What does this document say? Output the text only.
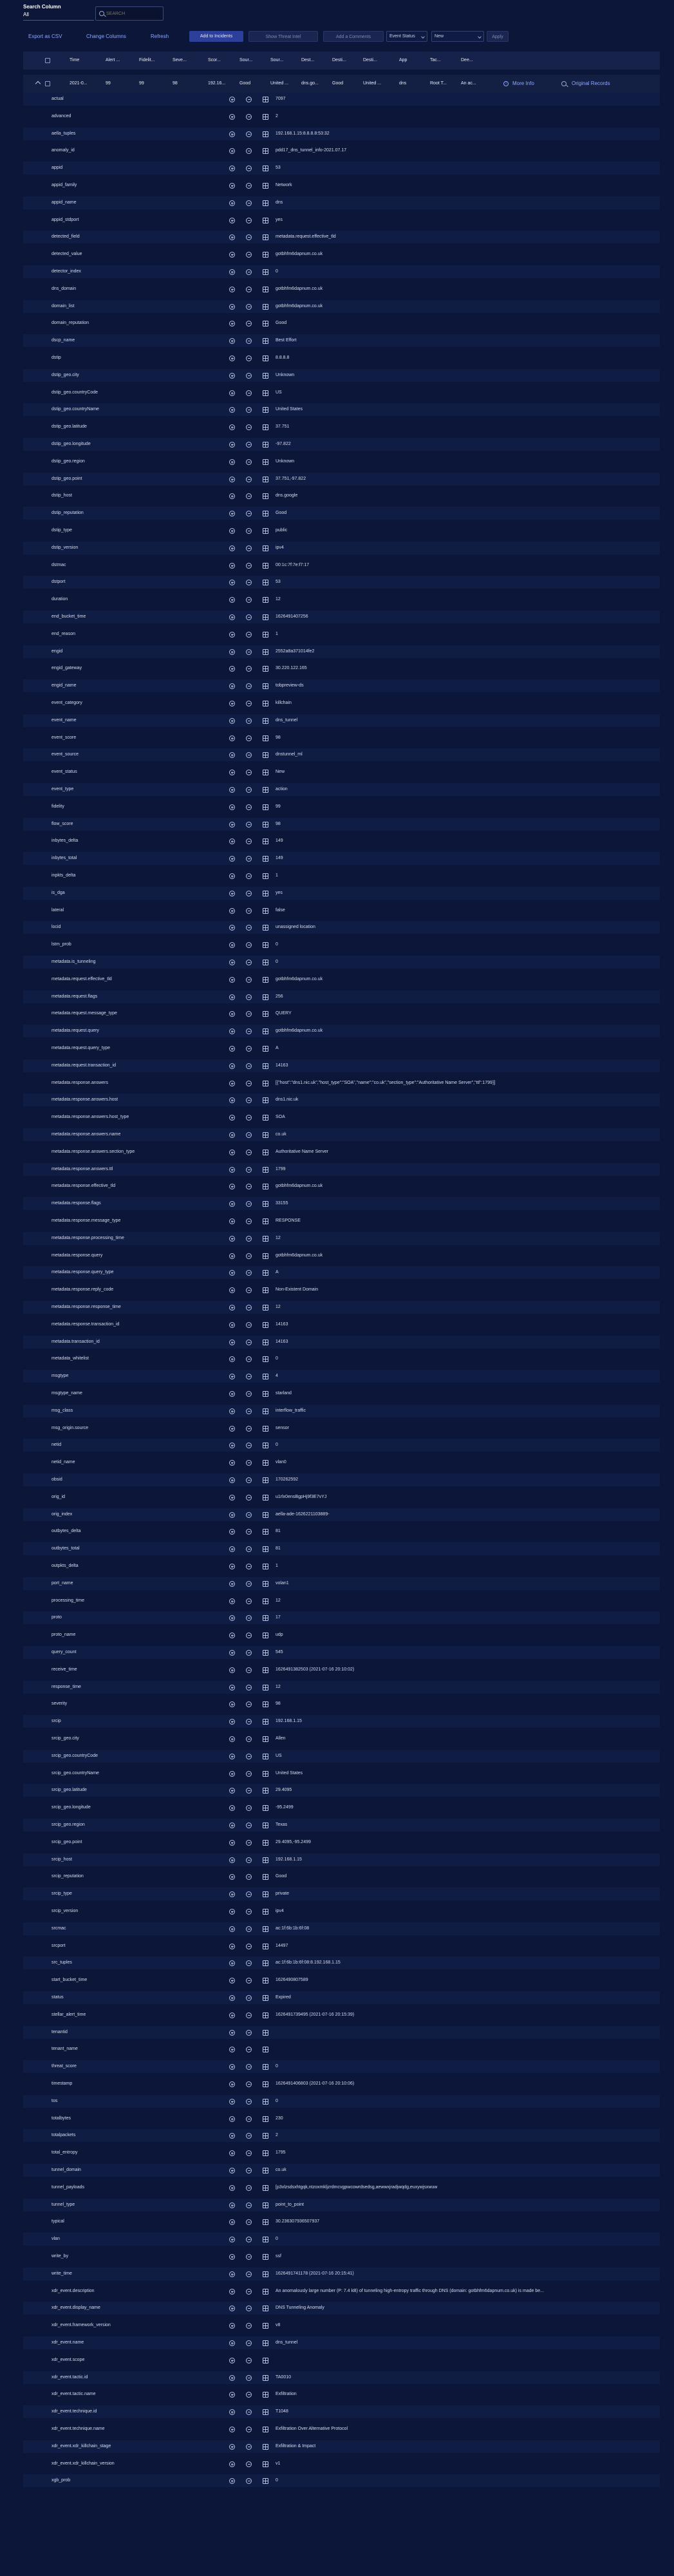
Search Column
All
SEARCH
Export as CSV	Change Columns	Refresh	Add to Incidents	Show Threat Intel	Add a Comments	Event Status	New	Apply
Time	Alert ...	Fidelit...	Seve...	Scor...	Sour...	Sour...	Dest...	Desti...	Desti...	App	Tac...	Dee...
2021-0...	99	99	98	192.16...	Good	United ...	dns.go...	Good	United ...	dns	Root T...	An ac...	i	More Info	Original Records
actual	7097
advanced	2
aella_tuples	192.168.1.15:8.8.8.8:53:32
anomaly_id	pdd17_dns_tunnel_info-2021.07.17
appid	53
appid_family	Network
appid_name	dns
appid_stdport	yes
detected_field	metadata.request.effective_tld
detected_value	gotbhfm6dapnum.co.uk
detector_index	0
dns_domain	gotbhfm6dapnum.co.uk
domain_list	gotbhfm6dapnum.co.uk
domain_reputation	Good
dscp_name	Best Effort
dstip	8.8.8.8
dstip_geo.city	Unknown
dstip_geo.countryCode	US
dstip_geo.countryName	United States
dstip_geo.latitude	37.751
dstip_geo.longitude	-97.822
dstip_geo.region	Unknown
dstip_geo.point	37.751,-97.822
dstip_host	dns.google
dstip_reputation	Good
dstip_type	public
dstip_version	ipv4
dstmac	00:1c:7f:7e:f7:17
dstport	53
duration	12
end_bucket_time	1626491407256
end_reason	1
engid	2552a8a371014fe2
engid_gateway	30.220.122.165
engid_name	tobpreview-ds
event_category	killchain
event_name	dns_tunnel
event_score	98
event_source	dnstunnel_ml
event_status	New
event_type	action
fidelity	99
flow_score	98
inbytes_delta	149
inbytes_total	149
inpkts_delta	1
is_dga	yes
lateral	false
locid	unassigned location
lstm_prob	0
metadata.is_tunneling	0
metadata.request.effective_tld	gotbhfm6dapnum.co.uk
metadata.request.flags	256
metadata.request.message_type	QUERY
metadata.request.query	gotbhfm6dapnum.co.uk
metadata.request.query_type	A
metadata.request.transaction_id	14163
metadata.response.answers	[{"host":"dns1.nic.uk","host_type":"SOA","name":"co.uk","section_type":"Authoritative Name Server","ttl":1799}]
metadata.response.answers.host	dns1.nic.uk
metadata.response.answers.host_type	SOA
metadata.response.answers.name	co.uk
metadata.response.answers.section_type	Authoritative Name Server
metadata.response.answers.ttl	1799
metadata.response.effective_tld	gotbhfm6dapnum.co.uk
metadata.response.flags	33155
metadata.response.message_type	RESPONSE
metadata.response.processing_time	12
metadata.response.query	gotbhfm6dapnum.co.uk
metadata.response.query_type	A
metadata.response.reply_code	Non-Existent Domain
metadata.response.response_time	12
metadata.response.transaction_id	14163
metadata.transaction_id	14163
metadata_whitelist	0
msgtype	4
msgtype_name	starland
msg_class	interflow_traffic
msg_origin.source	sensor
netid	0
netid_name	vlan0
obsid	170262592
orig_id	u1rlx0ensBgpHj9f3E7vYJ
orig_index	aella-ade-1626221103889-
outbytes_delta	81
outbytes_total	81
outpkts_delta	1
port_name	volan1
processing_time	12
proto	17
proto_name	udp
query_count	545
receive_time	1626491382503 (2021-07-16 20:10:02)
response_time	12
severity	98
srcip	192.168.1.15
srcip_geo.city	Allen
srcip_geo.countryCode	US
srcip_geo.countryName	United States
srcip_geo.latitude	29.4095
srcip_geo.longitude	-95.2499
srcip_geo.region	Texas
srcip_geo.point	29.4095,-95.2499
srcip_host	192.168.1.15
srcip_reputation	Good
srcip_type	private
srcip_version	ipv4
srcmac	ac:1f:6b:1b:6f:08
srcport	14497
src_tuples	ac:1f:6b:1b:6f:08:8.192.168.1.15
start_bucket_time	1626490807589
status	Expired
stellar_alert_time	1626491739495 (2021-07-16 20:15:39)
tenantid
tenant_name
threat_score	0
timestamp	1626491406803 (2021-07-16 20:10:06)
tos	0
totalbytes	230
totalpackets	2
total_entropy	1795
tunnel_domain	co.uk
tunnel_payloads	[p3vlzsdsxhtgqk,ntzoxmkljzrdmcvgpwcowrdsedsg,aewwxjradjwqdg,euxywjsxwuw
tunnel_type	point_to_point
typical	30.236307936507937
vlan	0
write_by	ssf
write_time	1626491741178 (2021-07-16 20:15:41)
xdr_event.description	An anomalously large number (P: 7.4 kB) of tunneling high-entropy traffic through DNS (domain: gotbhfm6dapnum.co.uk) is made be...
xdr_event.display_name	DNS Tunneling Anomaly
xdr_event.framework_version	v8
xdr_event.name	dns_tunnel
xdr_event.scope
xdr_event.tactic.id	TA0010
xdr_event.tactic.name	Exfiltration
xdr_event.technique.id	T1048
xdr_event.technique.name	Exfiltration Over Alternative Protocol
xdr_event.xdr_killchain_stage	Exfiltration & Impact
xdr_event.xdr_killchain_version	v1
xgb_prob	0
